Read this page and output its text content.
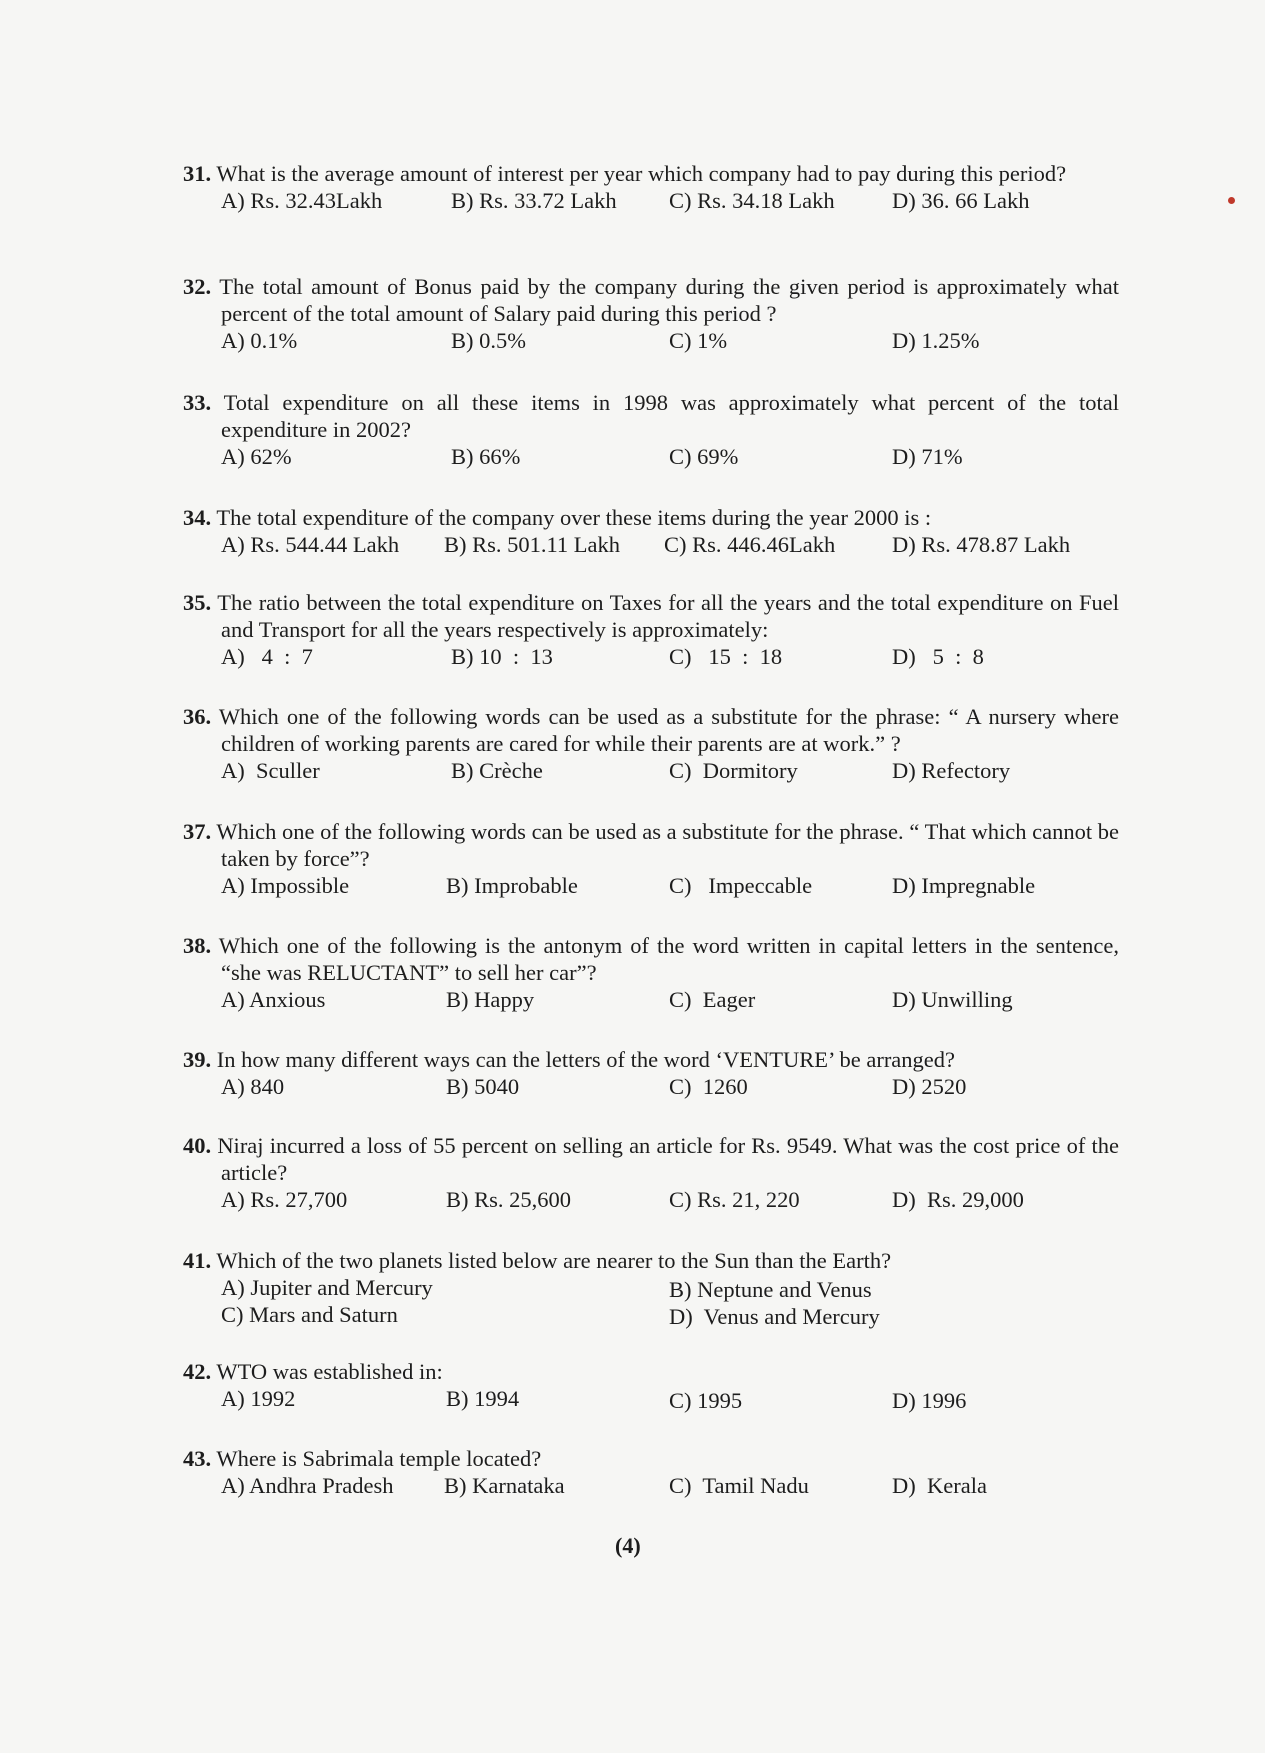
31. What is the average amount of interest per year which company had to pay during this period?
A) Rs. 32.43Lakh	B) Rs. 33.72 Lakh C) Rs. 34.18 Lakh	D) 36. 66 Lakh
32. The total amount of Bonus paid by the company during the given period is approximately what percent of the total amount of Salary paid during this period ?
A) 0.1%	B) 0.5%	C) 1%	D) 1.25%
33. Total expenditure on all these items in 1998 was approximately what percent of the total expenditure in 2002?
A) 62%	B) 66%	C) 69%	D) 71%
34. The total expenditure of the company over these items during the year 2000 is :
A) Rs. 544.44 Lakh B) Rs. 501.11 Lakh C) Rs. 446.46Lakh	D) Rs. 478.87 Lakh
35. The ratio between the total expenditure on Taxes for all the years and the total expenditure on Fuel and Transport for all the years respectively is approximately:
A)   4  :  7	B) 10  :  13	C)   15  :  18	D)   5  :  8
36. Which one of the following words can be used as a substitute for the phrase: “ A nursery where children of working parents are cared for while their parents are at work.” ?
A)  Sculler	B) Crèche	C)  Dormitory	D) Refectory
37. Which one of the following words can be used as a substitute for the phrase. “ That which cannot be taken by force”?
A) Impossible	B) Improbable	C)   Impeccable	D) Impregnable
38. Which one of the following is the antonym of the word written in capital letters in the sentence, “she was RELUCTANT” to sell her car”?
A) Anxious	B) Happy	C)  Eager	D) Unwilling
39. In how many different ways can the letters of the word ‘VENTURE’ be arranged?
A) 840	B) 5040	C)  1260	D) 2520
40. Niraj incurred a loss of 55 percent on selling an article for Rs. 9549. What was the cost price of the article?
A) Rs. 27,700	B) Rs. 25,600	C) Rs. 21, 220	D)  Rs. 29,000
41. Which of the two planets listed below are nearer to the Sun than the Earth?
A) Jupiter and Mercury	B) Neptune and Venus
C) Mars and Saturn	D)  Venus and Mercury
42. WTO was established in:
A) 1992	B) 1994	C) 1995	D) 1996
43. Where is Sabrimala temple located?
A) Andhra Pradesh B) Karnataka	C)  Tamil Nadu	D)  Kerala
(4)
